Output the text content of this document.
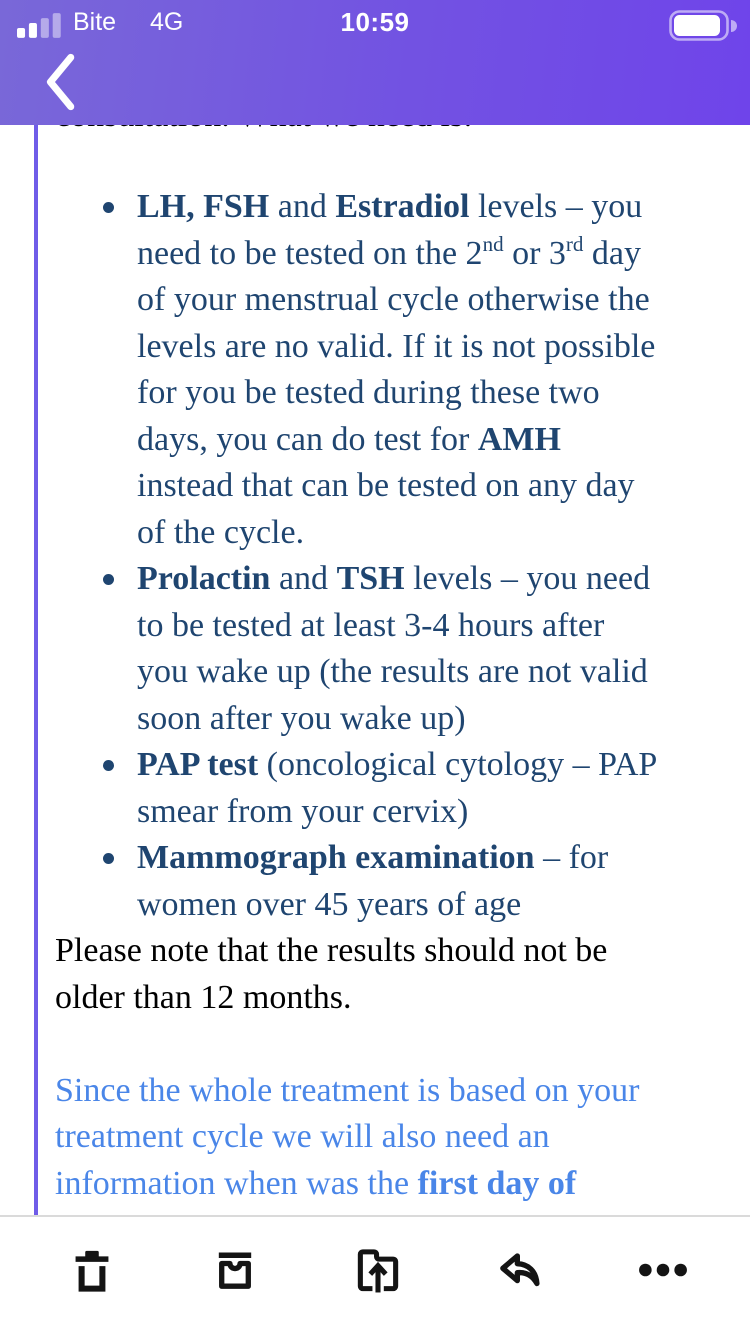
LH, FSH and Estradiol levels – you
need to be tested on the 2nd or 3rd day
of your menstrual cycle otherwise the
levels are no valid. If it is not possible
for you be tested during these two
days, you can do test for AMH
instead that can be tested on any day
of the cycle.
Prolactin and TSH levels – you need
to be tested at least 3-4 hours after
you wake up (the results are not valid
soon after you wake up)
PAP test (oncological cytology – PAP
smear from your cervix)
Mammograph examination – for
women over 45 years of age
Please note that the results should not be
older than 12 months.
Since the whole treatment is based on your
treatment cycle we will also need an
information when was the first day of
Bite 4G	10:59
